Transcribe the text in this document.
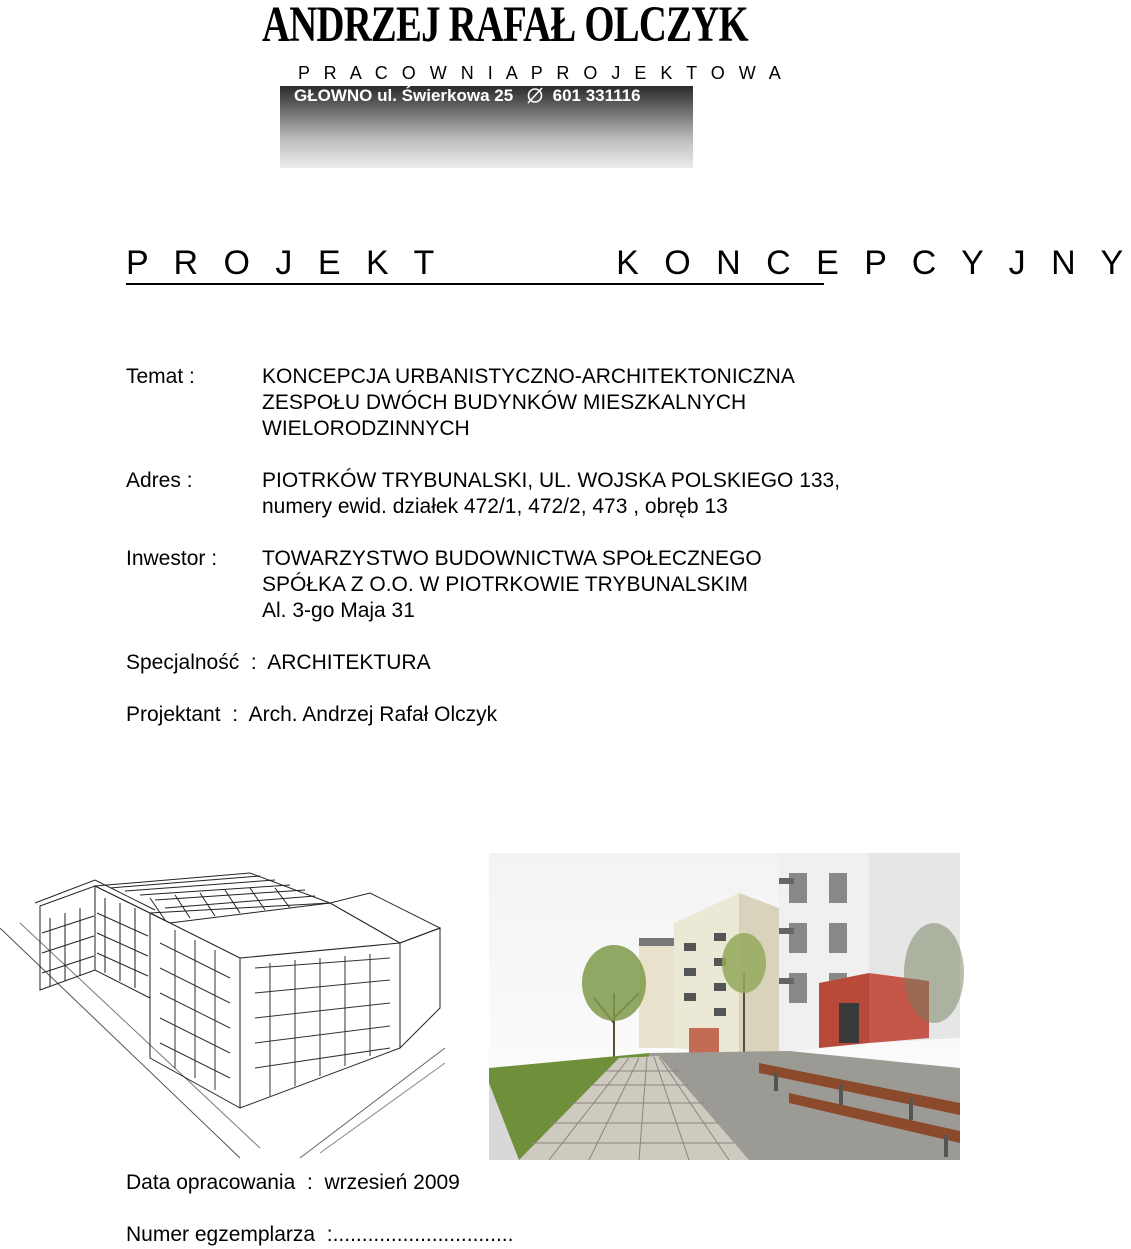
ANDRZEJ RAFAŁ OLCZYK
P R A C O W N I A P R O J E K T O W A
GŁOWNO ul. Świerkowa 25 601 331116
P R O J E K T          K O N C E P C Y J N Y
Temat :	KONCEPCJA URBANISTYCZNO-ARCHITEKTONICZNA
ZESPOŁU DWÓCH BUDYNKÓW MIESZKALNYCH
WIELORODZINNYCH
Adres :	PIOTRKÓW TRYBUNALSKI, UL. WOJSKA POLSKIEGO 133,
numery ewid. działek 472/1, 472/2, 473 , obręb 13
Inwestor : TOWARZYSTWO BUDOWNICTWA SPOŁECZNEGO
SPÓŁKA Z O.O. W PIOTRKOWIE TRYBUNALSKIM
Al. 3-go Maja 31
Specjalność  :  ARCHITEKTURA
Projektant  :  Arch. Andrzej Rafał Olczyk
Data opracowania  :  wrzesień 2009
Numer egzemplarza  :...............................
